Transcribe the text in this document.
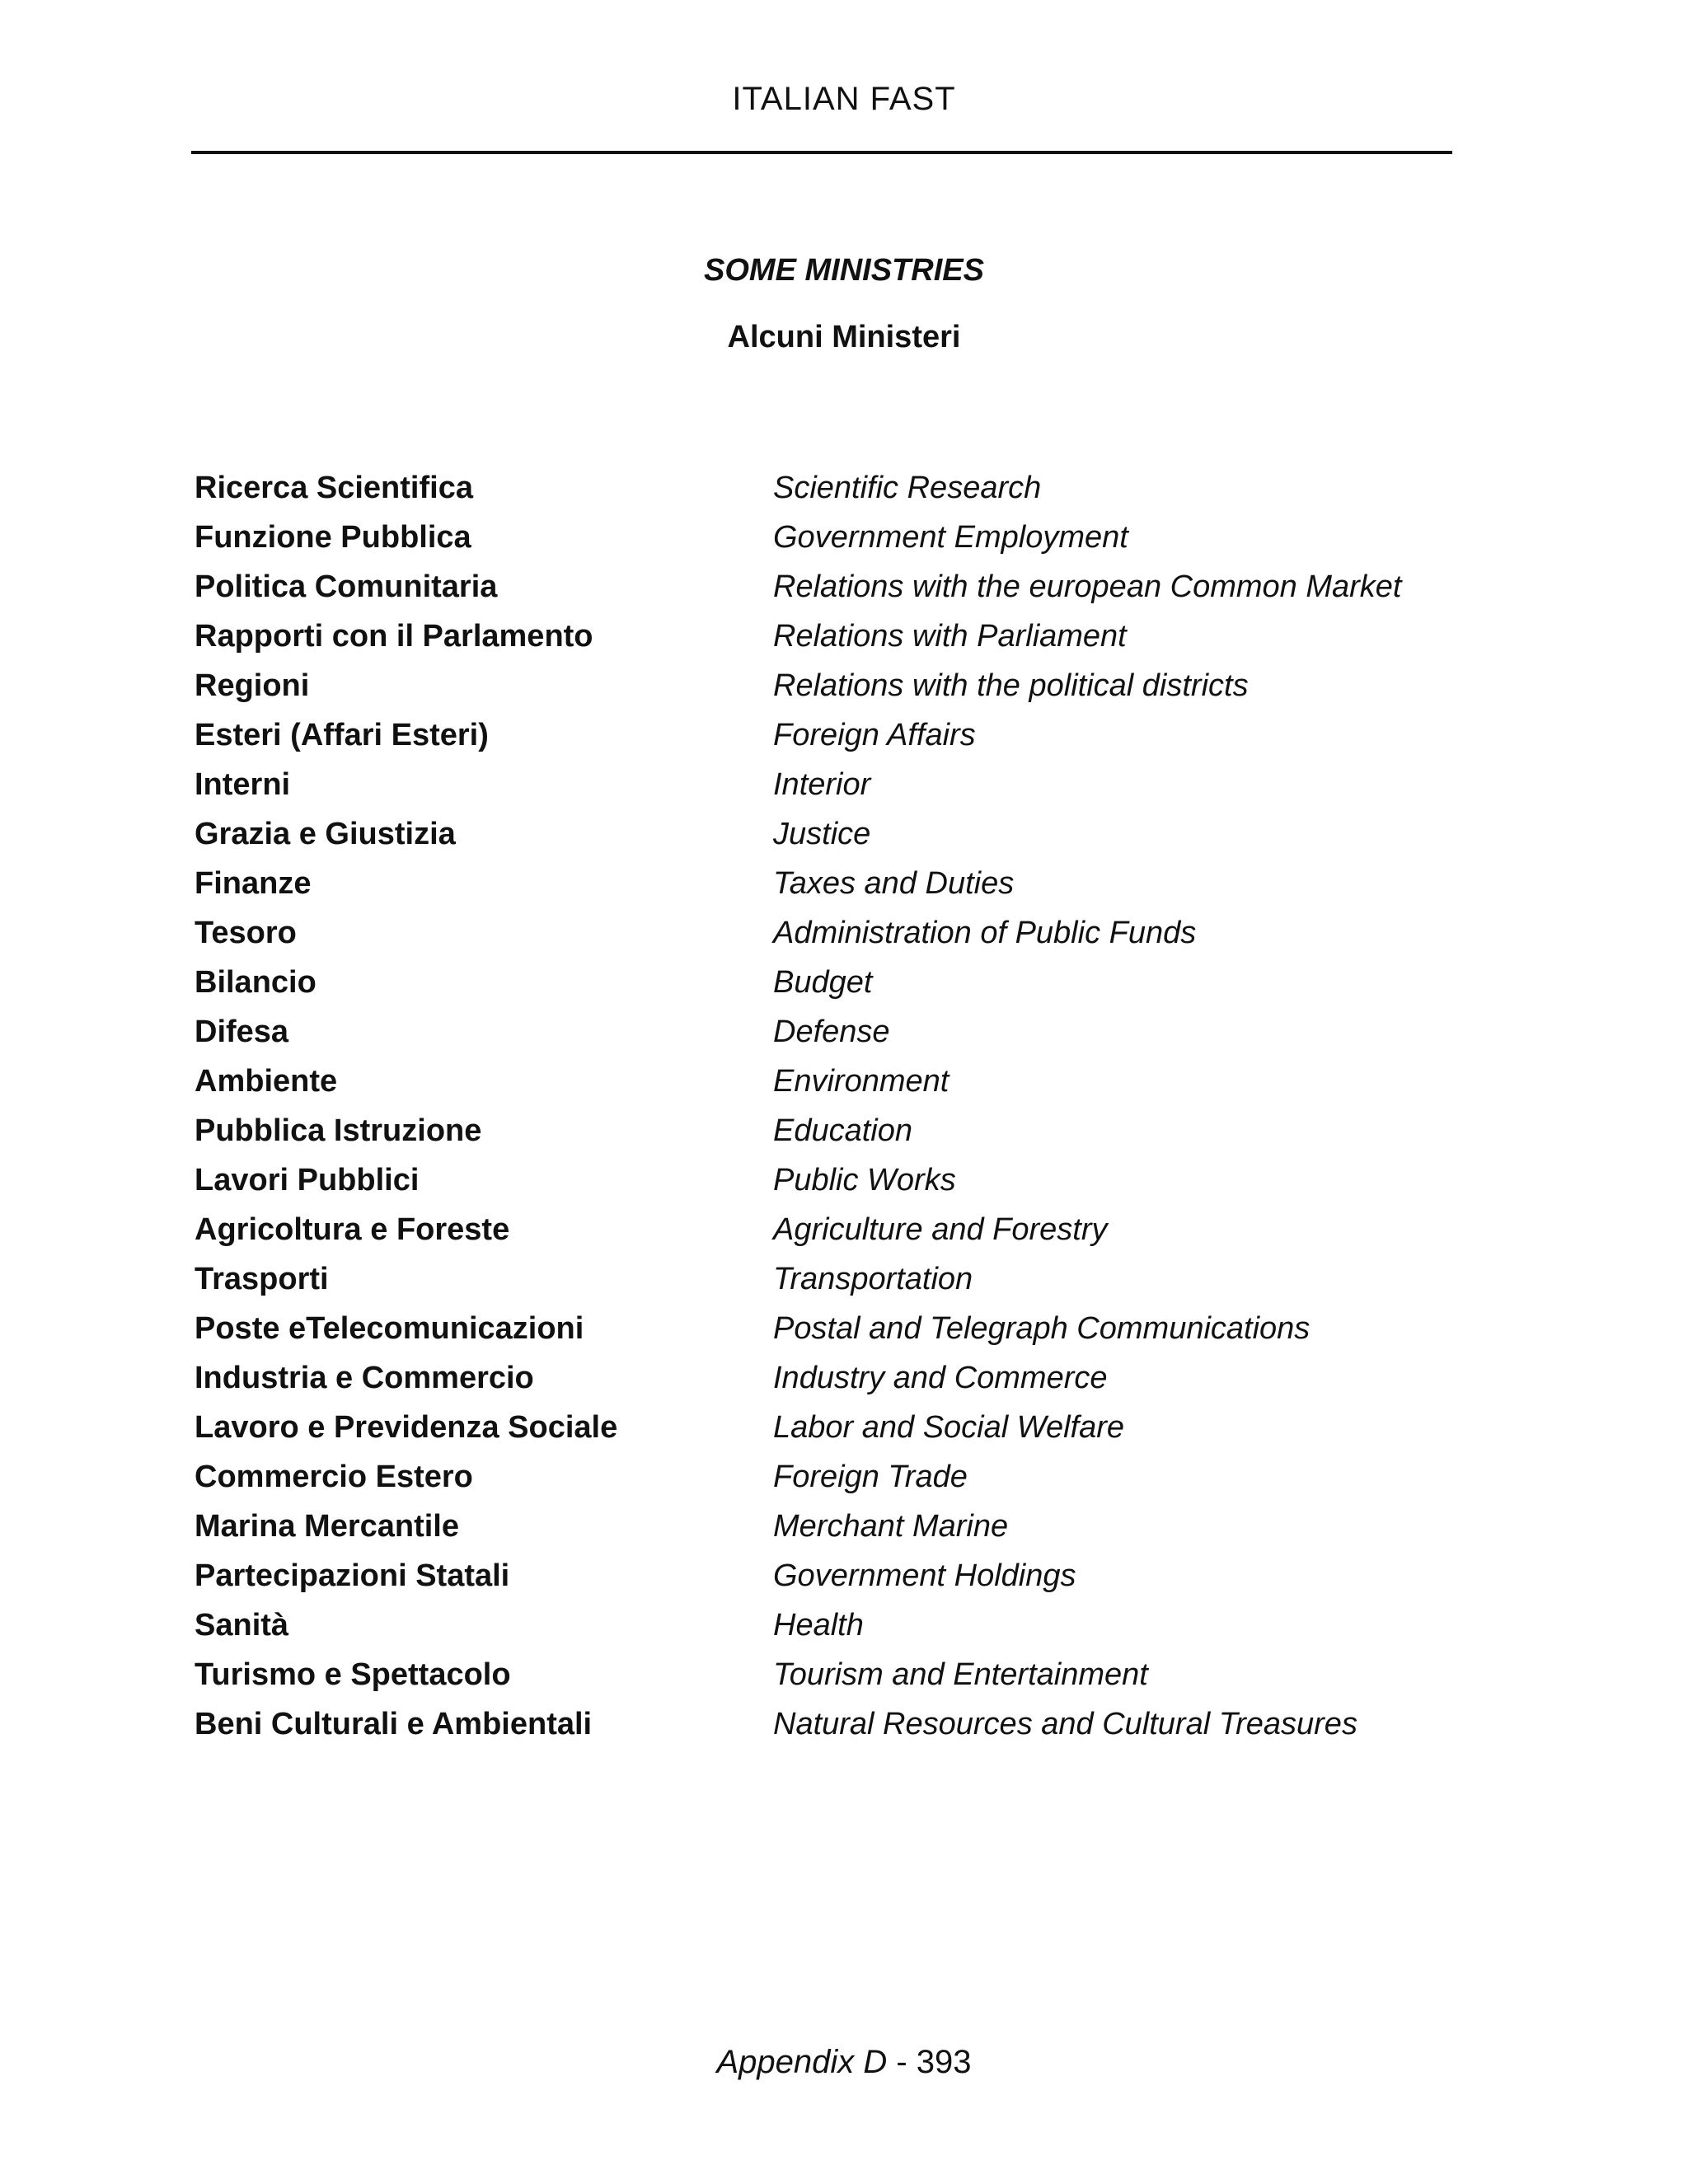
ITALIAN FAST
SOME MINISTRIES
Alcuni Ministeri
Ricerca Scientifica	Scientific Research
Funzione Pubblica	Government Employment
Politica Comunitaria	Relations with the european Common Market
Rapporti con il Parlamento	Relations with Parliament
Regioni	Relations with the political districts
Esteri (Affari Esteri)	Foreign Affairs
Interni	Interior
Grazia e Giustizia	Justice
Finanze	Taxes and Duties
Tesoro	Administration of Public Funds
Bilancio	Budget
Difesa	Defense
Ambiente	Environment
Pubblica Istruzione	Education
Lavori Pubblici	Public Works
Agricoltura e Foreste	Agriculture and Forestry
Trasporti	Transportation
Poste eTelecomunicazioni	Postal and Telegraph Communications
Industria e Commercio	Industry and Commerce
Lavoro e Previdenza Sociale	Labor and Social Welfare
Commercio Estero	Foreign Trade
Marina Mercantile	Merchant Marine
Partecipazioni Statali	Government Holdings
Sanità	Health
Turismo e Spettacolo	Tourism and Entertainment
Beni Culturali e Ambientali	Natural Resources and Cultural Treasures
Appendix D - 393
